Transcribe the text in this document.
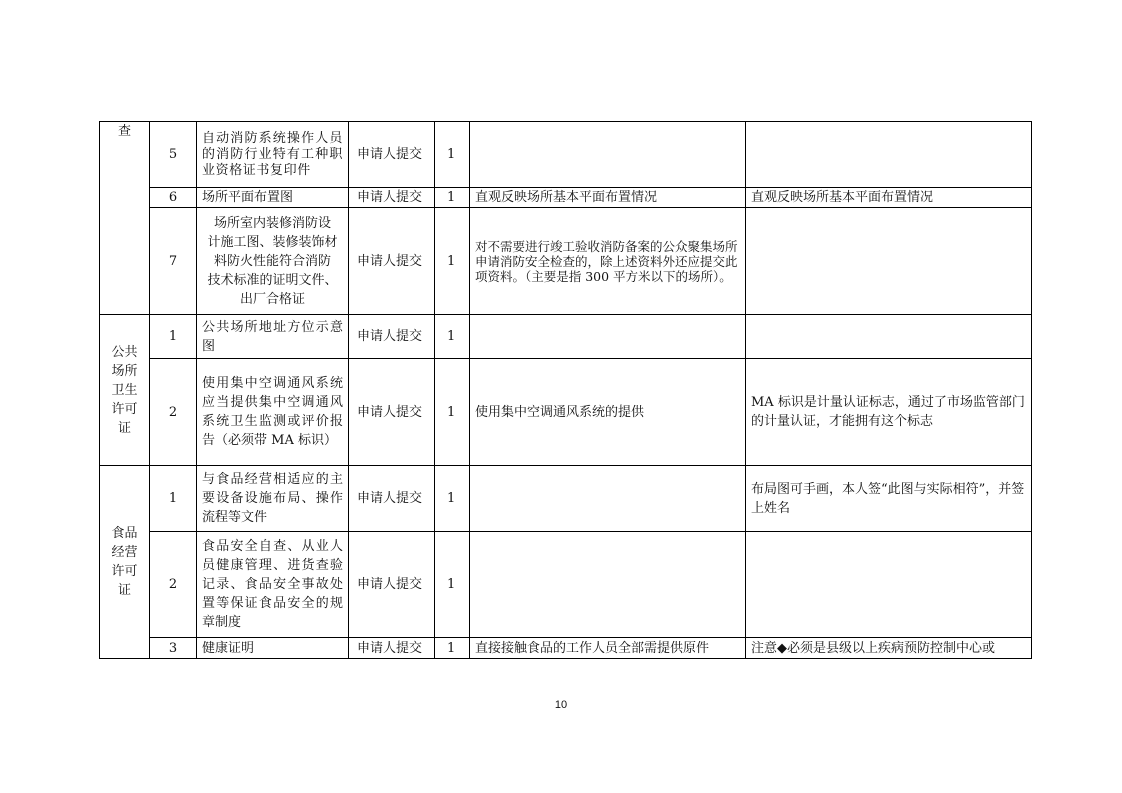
查	5	自动消防系统操作人员的消防行业特有工种职业资格证书复印件	申请人提交	1		
	6	场所平面布置图	申请人提交	1	直观反映场所基本平面布置情况	直观反映场所基本平面布置情况
	7	场所室内装修消防设
计施工图、装修装饰材
料防火性能符合消防
技术标准的证明文件、
出厂合格证	申请人提交	1	对不需要进行竣工验收消防备案的公众聚集场所申请消防安全检查的，除上述资料外还应提交此项资料。（主要是指 300 平方米以下的场所）。	
公共
场所
卫生
许可
证	1	公共场所地址方位示意图	申请人提交	1		
	2	使用集中空调通风系统应当提供集中空调通风系统卫生监测或评价报告（必须带 MA 标识）	申请人提交	1	使用集中空调通风系统的提供	MA 标识是计量认证标志，通过了市场监管部门的计量认证，才能拥有这个标志
食品
经营
许可
证	1	与食品经营相适应的主要设备设施布局、操作流程等文件	申请人提交	1		布局图可手画，本人签“此图与实际相符”，并签上姓名
	2	食品安全自查、从业人员健康管理、进货查验记录、食品安全事故处置等保证食品安全的规章制度	申请人提交	1		
	3	健康证明	申请人提交	1	直接接触食品的工作人员全部需提供原件	注意◆必须是县级以上疾病预防控制中心或
10
